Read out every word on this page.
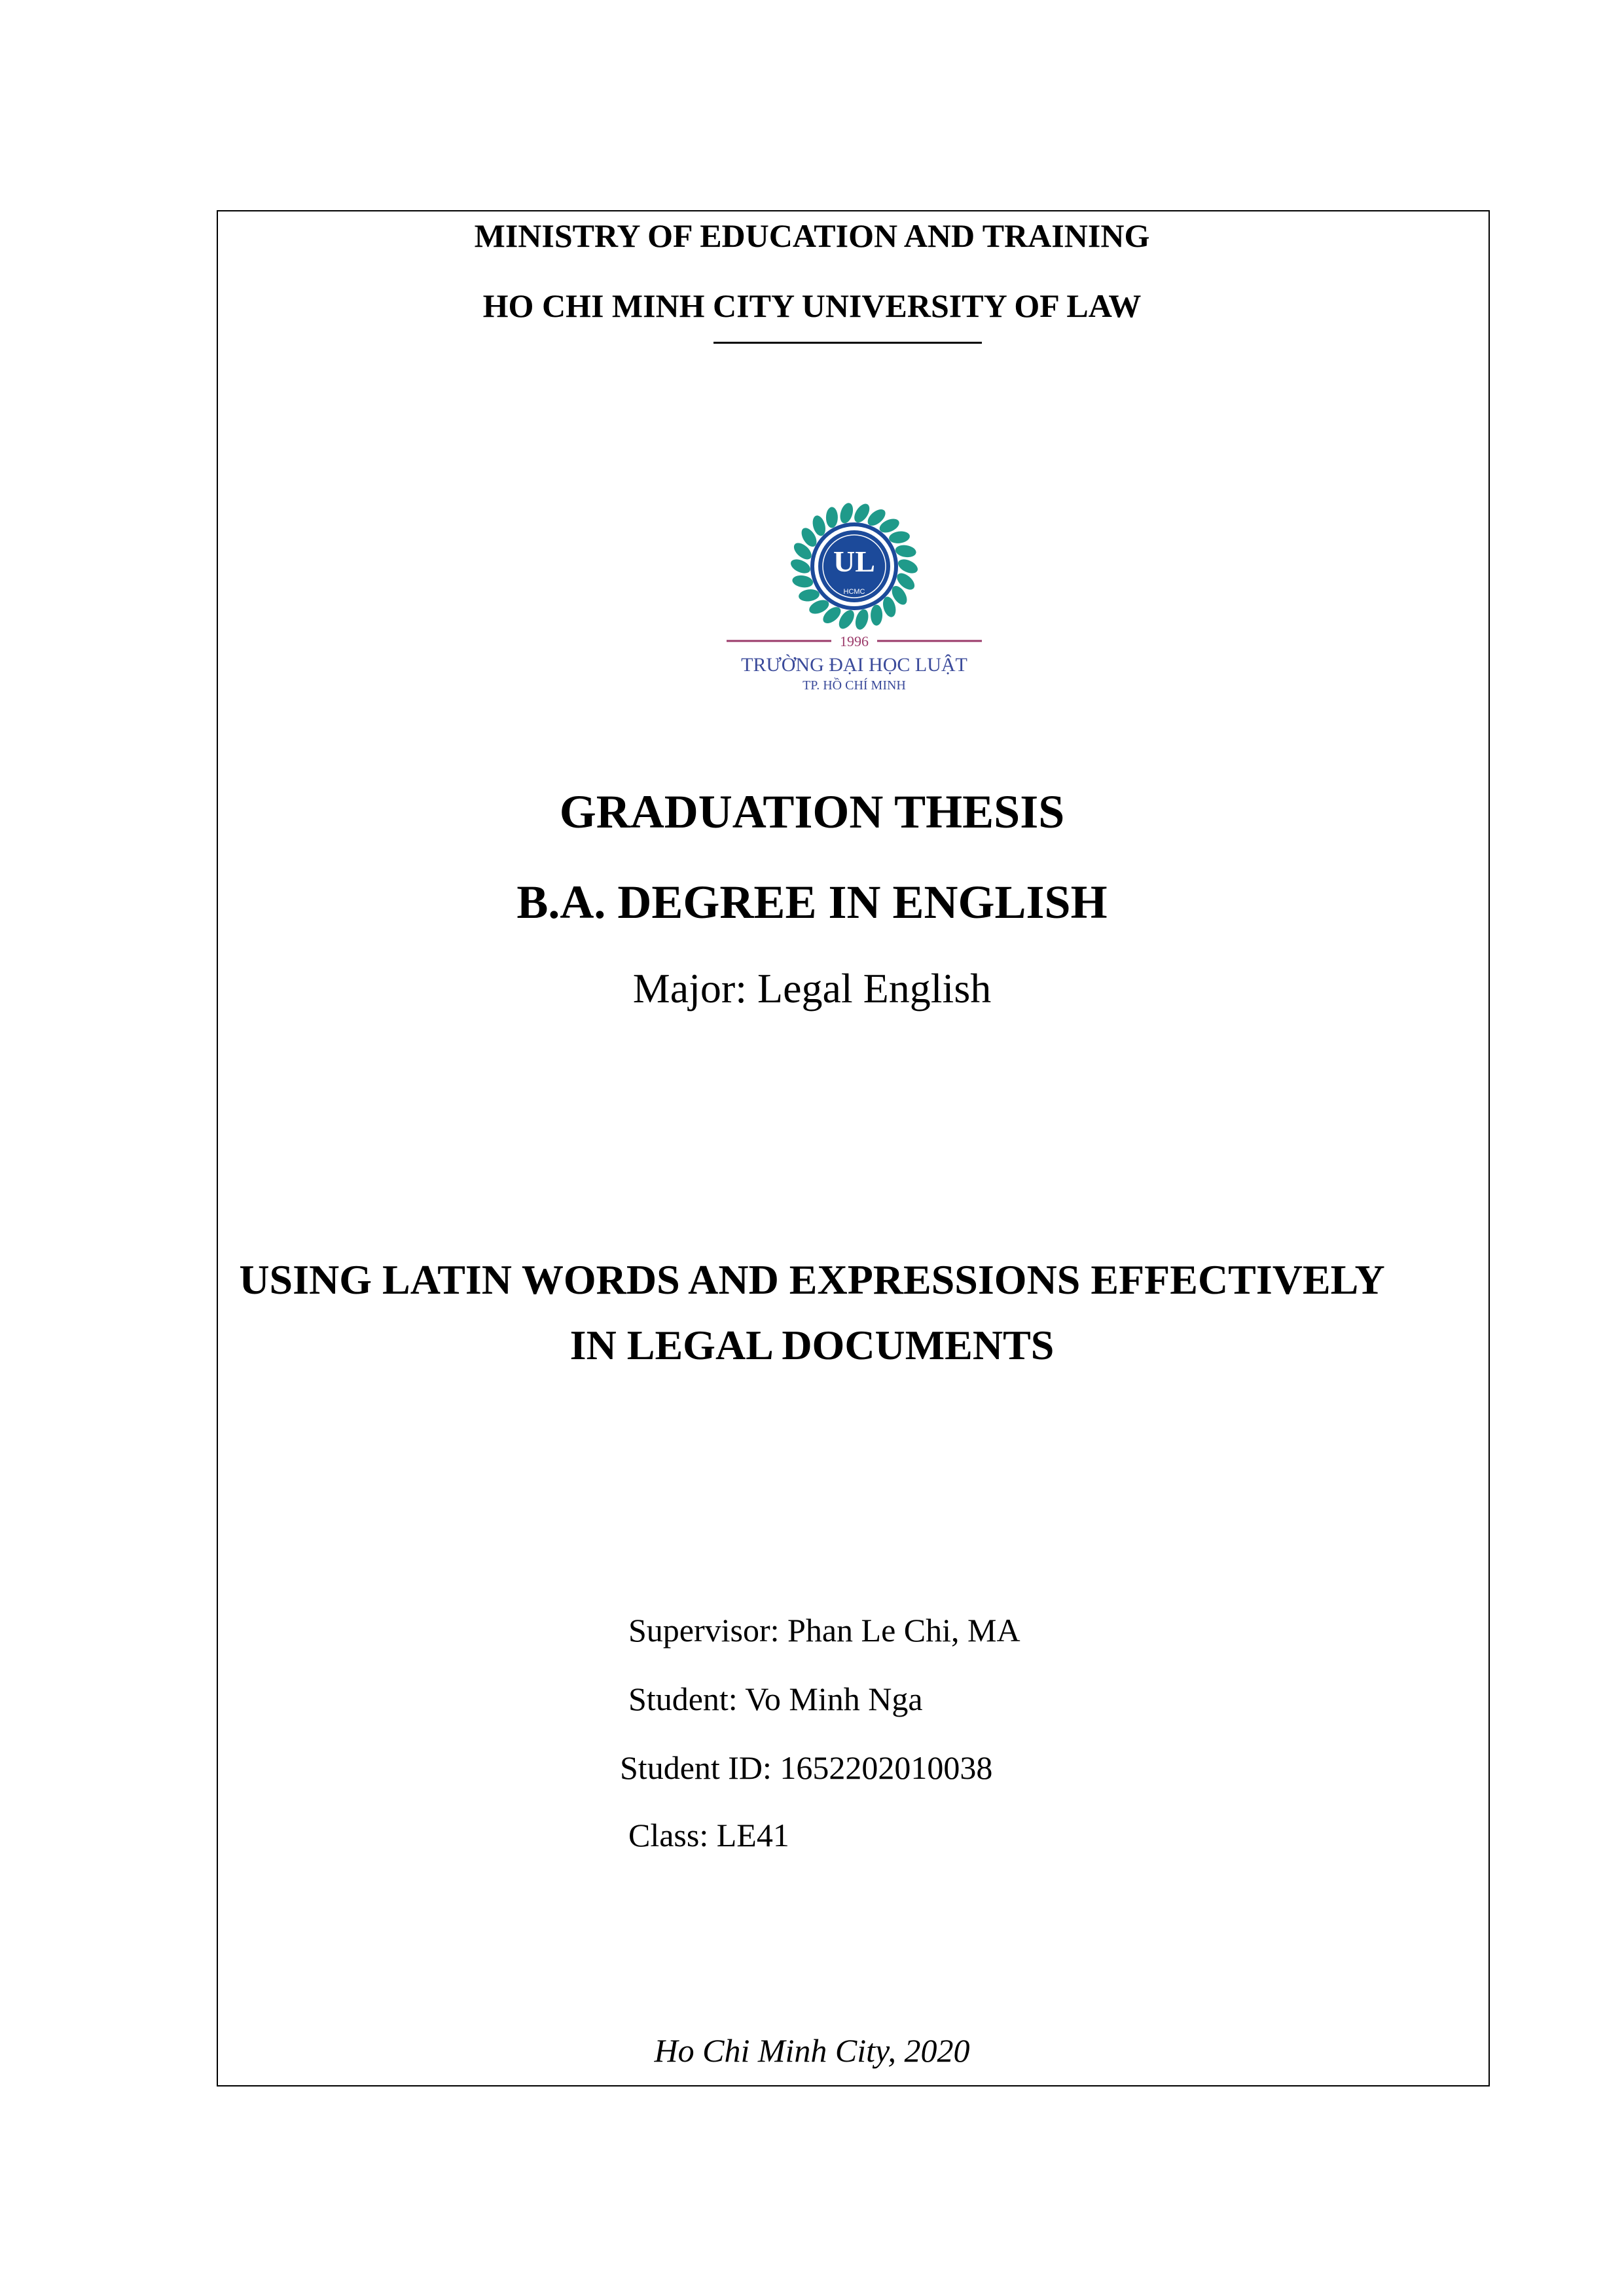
MINISTRY OF EDUCATION AND TRAINING
HO CHI MINH CITY UNIVERSITY OF LAW
UL
HCMC
1996
TRƯỜNG ĐẠI HỌC LUẬT
TP. HỒ CHÍ MINH
GRADUATION THESIS
B.A. DEGREE IN ENGLISH
Major: Legal English
USING LATIN WORDS AND EXPRESSIONS EFFECTIVELY
IN LEGAL DOCUMENTS
Supervisor: Phan Le Chi, MA
Student: Vo Minh Nga
Student ID: 1652202010038
Class: LE41
Ho Chi Minh City, 2020
